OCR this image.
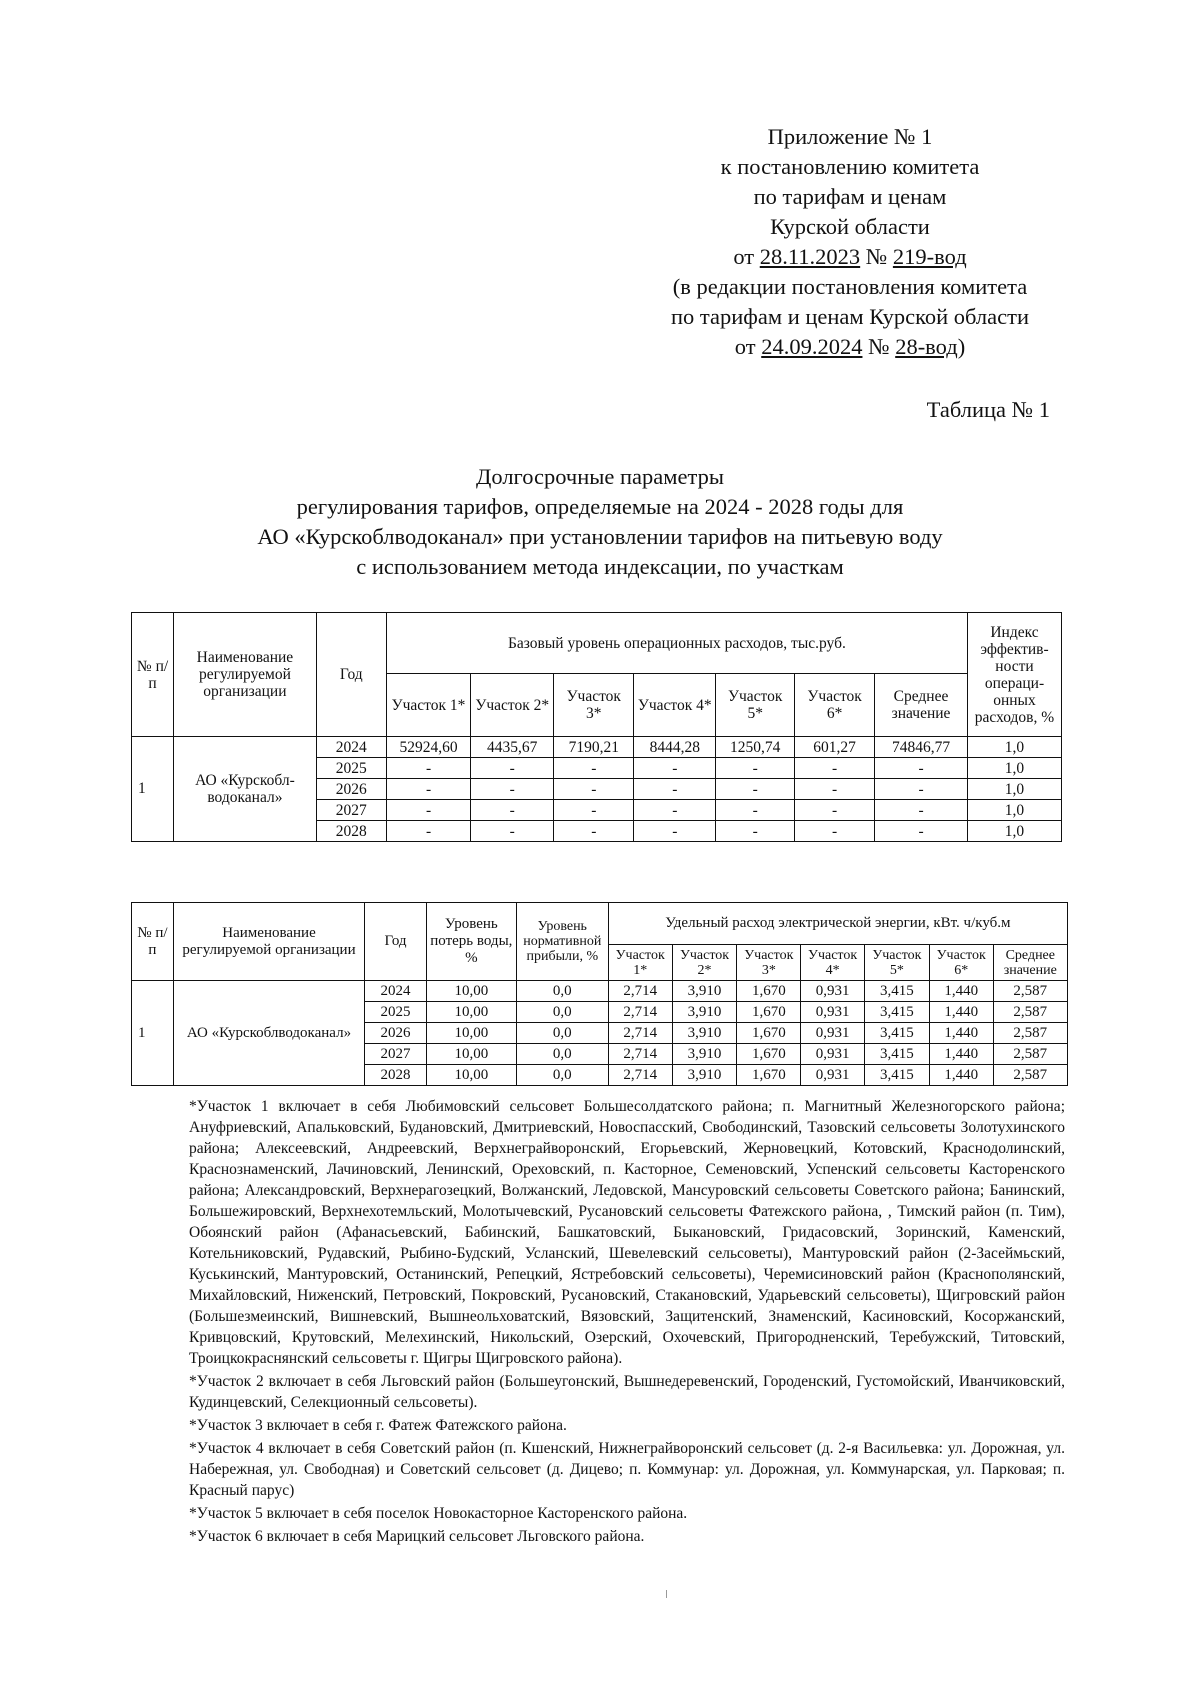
Приложение № 1
к постановлению комитета
по тарифам и ценам
Курской области
от 28.11.2023 № 219-вод
(в редакции постановления комитета
по тарифам и ценам Курской области
от 24.09.2024 № 28-вод)
Таблица № 1
Долгосрочные параметры
регулирования тарифов, определяемые на 2024 - 2028 годы для
АО «Курскоблводоканал» при установлении тарифов на питьевую воду
с использованием метода индексации, по участкам
№ п/п	Наименование регулируемой организации	Год	Базовый уровень операционных расходов, тыс.руб.							Индекс эффектив-ности операци-онных расходов, %
			Участок 1*	Участок 2*	Участок 3*	Участок 4*	Участок 5*	Участок 6*	Среднее значение	
1	АО «Курскобл-водоканал»	2024	52924,60	4435,67	7190,21	8444,28	1250,74	601,27	74846,77	1,0
		2025	-	-	-	-	-	-	-	1,0
		2026	-	-	-	-	-	-	-	1,0
		2027	-	-	-	-	-	-	-	1,0
		2028	-	-	-	-	-	-	-	1,0
№ п/п	Наименование регулируемой организации	Год	Уровень потерь воды, %	Уровень нормативной прибыли, %	Удельный расход электрической энергии, кВт. ч/куб.м						
					Участок 1*	Участок 2*	Участок 3*	Участок 4*	Участок 5*	Участок 6*	Среднее значение
1	АО «Курскоблводоканал»	2024	10,00	0,0	2,714	3,910	1,670	0,931	3,415	1,440	2,587
		2025	10,00	0,0	2,714	3,910	1,670	0,931	3,415	1,440	2,587
		2026	10,00	0,0	2,714	3,910	1,670	0,931	3,415	1,440	2,587
		2027	10,00	0,0	2,714	3,910	1,670	0,931	3,415	1,440	2,587
		2028	10,00	0,0	2,714	3,910	1,670	0,931	3,415	1,440	2,587

*Участок 1 включает в себя Любимовский сельсовет Большесолдатского района; п. Магнитный Железногорского района; Ануфриевский, Апальковский, Будановский, Дмитриевский, Новоспасский, Свободинский, Тазовский сельсоветы Золотухинского района; Алексеевский, Андреевский, Верхнеграйворонский, Егорьевский, Жерновецкий, Котовский, Краснодолинский, Краснознаменский, Лачиновский, Ленинский, Ореховский, п. Касторное, Семеновский, Успенский сельсоветы Касторенского района; Александровский, Верхнерагозецкий, Волжанский, Ледовской, Мансуровский сельсоветы Советского района; Банинский, Большежировский, Верхнехотемльский, Молотычевский, Русановский сельсоветы Фатежского района, , Тимский район (п. Тим), Обоянский район (Афанасьевский, Бабинский, Башкатовский, Быкановский, Гридасовский, Зоринский, Каменский, Котельниковский, Рудавский, Рыбино-Будский, Усланский, Шевелевский сельсоветы), Мантуровский район (2-Засеймьский, Куськинский, Мантуровский, Останинский, Репецкий, Ястребовский сельсоветы), Черемисиновский район (Краснополянский, Михайловский, Ниженский, Петровский, Покровский, Русановский, Стакановский, Ударьевский сельсоветы), Щигровский район (Большезмеинский, Вишневский, Вышнеольховатский, Вязовский, Защитенский, Знаменский, Касиновский, Косоржанский, Кривцовский, Крутовский, Мелехинский, Никольский, Озерский, Охочевский, Пригородненский, Теребужский, Титовский, Троицкокраснянский сельсоветы г. Щигры Щигровского района).

*Участок 2 включает в себя Льговский район (Большеугонский, Вышнедеревенский, Городенский, Густомойский, Иванчиковский, Кудинцевский, Селекционный сельсоветы).

*Участок 3 включает в себя г. Фатеж Фатежского района.

*Участок 4 включает в себя Советский район (п. Кшенский, Нижнеграйворонский сельсовет (д. 2-я Васильевка: ул. Дорожная, ул. Набережная, ул. Свободная) и Советский сельсовет (д. Дицево; п. Коммунар: ул. Дорожная, ул. Коммунарская, ул. Парковая; п. Красный парус)

*Участок 5 включает в себя поселок Новокасторное Касторенского района.

*Участок 6 включает в себя Марицкий сельсовет Льговского района.
